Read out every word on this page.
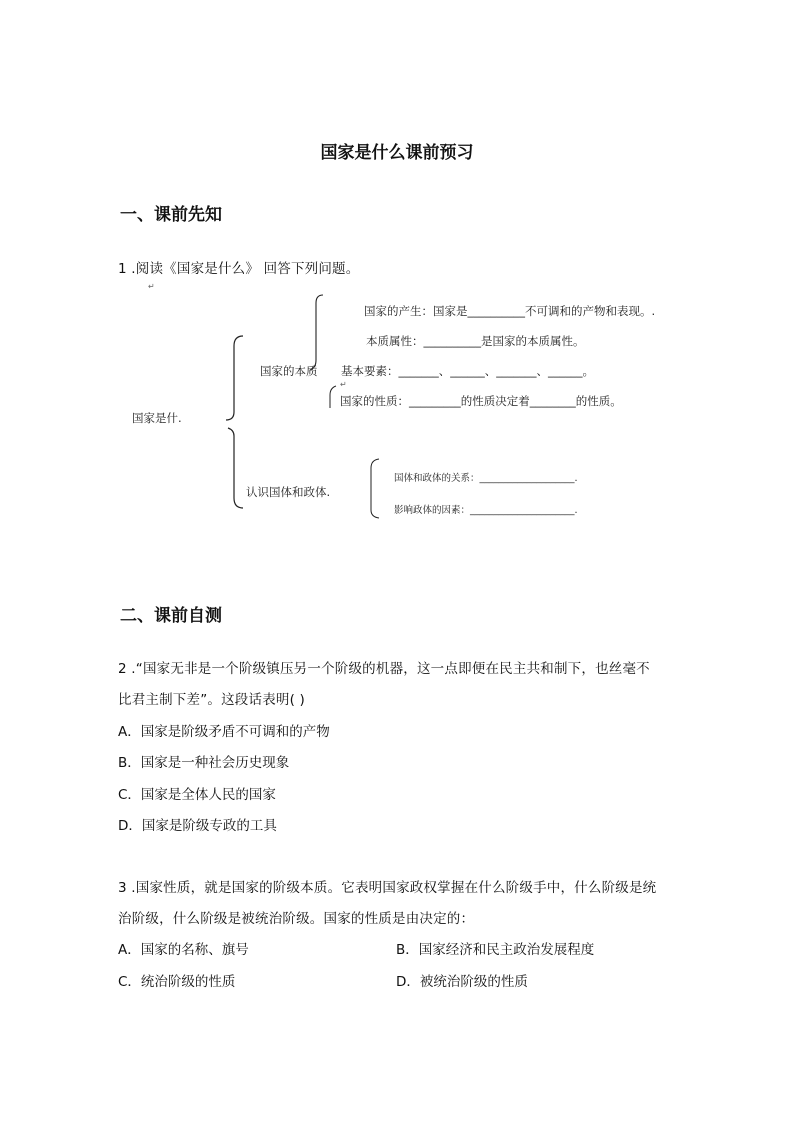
国家是什么课前预习
一、课前先知
1 .阅读《国家是什么》 回答下列问题。
↵
↵
国家是什.
国家的本质
认识国体和政体.
国家的产生：国家是__________不可调和的产物和表现。.
本质属性：__________是国家的本质属性。
基本要素：_______、______、_______、______。
国家的性质：_________的性质决定着________的性质。
国体和政体的关系：____________________.
影响政体的因素：______________________.
二、课前自测
2 .“国家无非是一个阶级镇压另一个阶级的机器，这一点即便在民主共和制下，也丝毫不
比君主制下差”。这段话表明( )
A．国家是阶级矛盾不可调和的产物
B．国家是一种社会历史现象
C．国家是全体人民的国家
D．国家是阶级专政的工具
3 .国家性质，就是国家的阶级本质。它表明国家政权掌握在什么阶级手中，什么阶级是统
治阶级，什么阶级是被统治阶级。国家的性质是由决定的：
A．国家的名称、旗号	B．国家经济和民主政治发展程度
C．统治阶级的性质	D．被统治阶级的性质
